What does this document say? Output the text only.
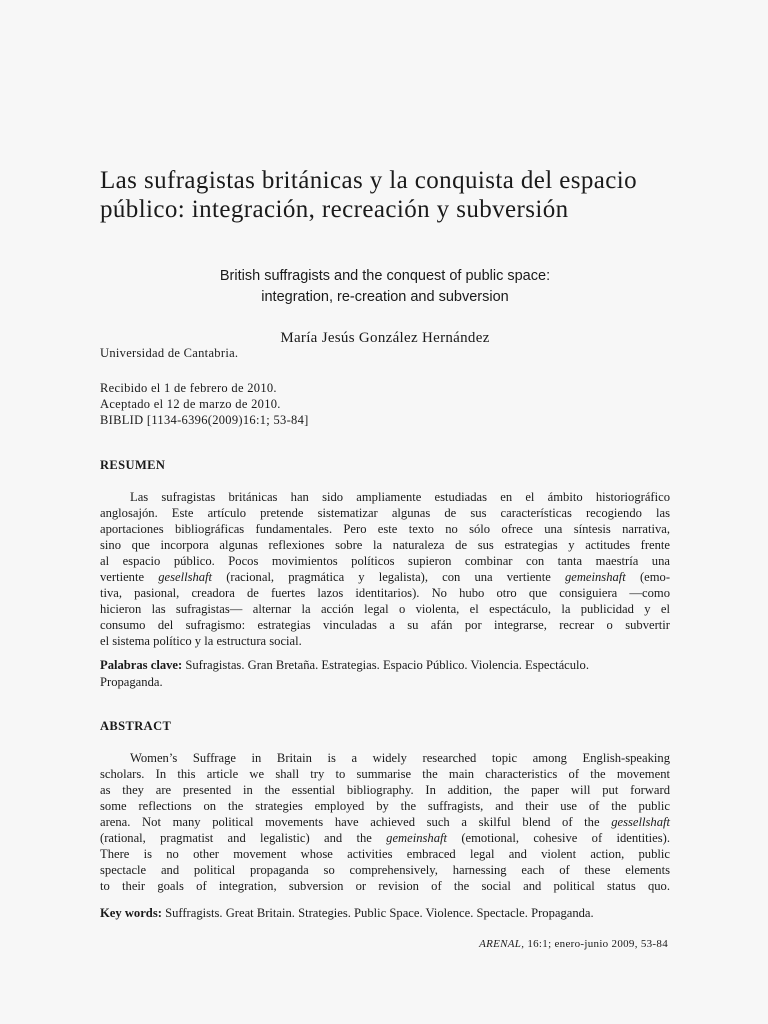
Las sufragistas británicas y la conquista del espacio público: integración, recreación y subversión
British suffragists and the conquest of public space:
integration, re-creation and subversion
María Jesús González Hernández
Universidad de Cantabria.
Recibido el 1 de febrero de 2010.
Aceptado el 12 de marzo de 2010.
BIBLID [1134-6396(2009)16:1; 53-84]
RESUMEN
Las sufragistas británicas han sido ampliamente estudiadas en el ámbito historiográfico
anglosajón. Este artículo pretende sistematizar algunas de sus características recogiendo las
aportaciones bibliográficas fundamentales. Pero este texto no sólo ofrece una síntesis narrativa,
sino que incorpora algunas reflexiones sobre la naturaleza de sus estrategias y actitudes frente
al espacio público. Pocos movimientos políticos supieron combinar con tanta maestría una
vertiente gesellshaft (racional, pragmática y legalista), con una vertiente gemeinshaft (emo-
tiva, pasional, creadora de fuertes lazos identitarios). No hubo otro que consiguiera —como
hicieron las sufragistas— alternar la acción legal o violenta, el espectáculo, la publicidad y el
consumo del sufragismo: estrategias vinculadas a su afán por integrarse, recrear o subvertir
el sistema político y la estructura social.
Palabras clave: Sufragistas. Gran Bretaña. Estrategias. Espacio Público. Violencia. Espectáculo.
Propaganda.
ABSTRACT
Women’s Suffrage in Britain is a widely researched topic among English-speaking
scholars. In this article we shall try to summarise the main characteristics of the movement
as they are presented in the essential bibliography. In addition, the paper will put forward
some reflections on the strategies employed by the suffragists, and their use of the public
arena. Not many political movements have achieved such a skilful blend of the gessellshaft
(rational, pragmatist and legalistic) and the gemeinshaft (emotional, cohesive of identities).
There is no other movement whose activities embraced legal and violent action, public
spectacle and political propaganda so comprehensively, harnessing each of these elements
to their goals of integration, subversion or revision of the social and political status quo.
Key words: Suffragists. Great Britain. Strategies. Public Space. Violence. Spectacle. Propaganda.
ARENAL, 16:1; enero-junio 2009, 53-84
